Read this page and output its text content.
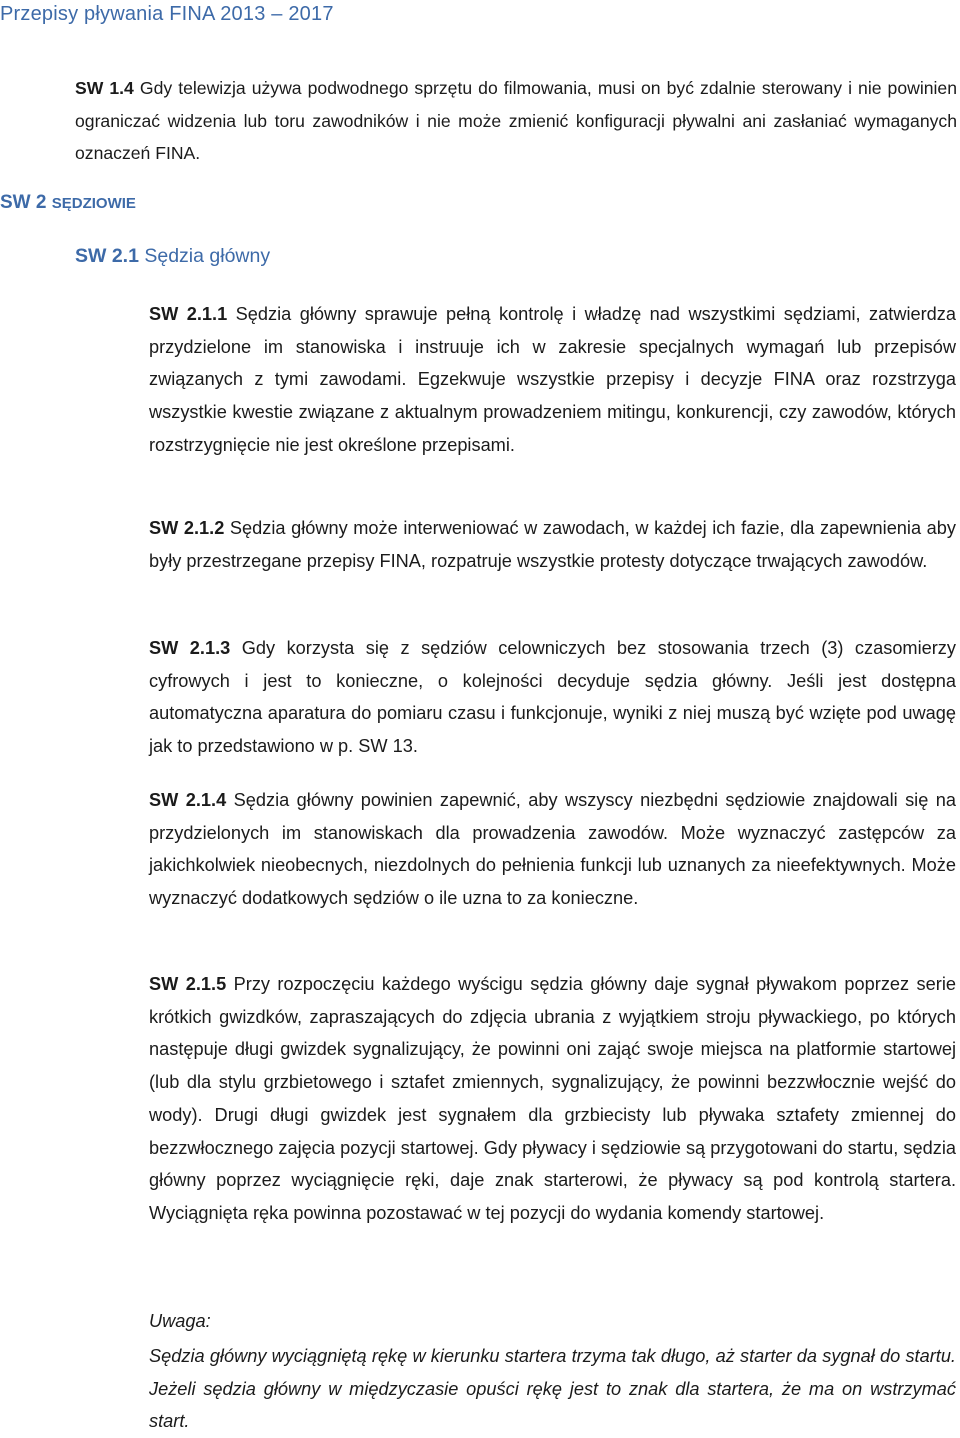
Przepisy pływania FINA 2013 – 2017
SW 1.4 Gdy telewizja używa podwodnego sprzętu do filmowania, musi on być zdalnie sterowany i nie powinien ograniczać widzenia lub toru zawodników i nie może zmienić konfiguracji pływalni ani zasłaniać wymaganych oznaczeń FINA.
SW 2 SĘDZIOWIE
SW 2.1 Sędzia główny
SW 2.1.1 Sędzia główny sprawuje pełną kontrolę i władzę nad wszystkimi sędziami, zatwierdza przydzielone im stanowiska i instruuje ich w zakresie specjalnych wymagań lub przepisów związanych z tymi zawodami. Egzekwuje wszystkie przepisy i decyzje FINA oraz rozstrzyga wszystkie kwestie związane z aktualnym prowadzeniem mitingu, konkurencji, czy zawodów, których rozstrzygnięcie nie jest określone przepisami.
SW 2.1.2 Sędzia główny może interweniować w zawodach, w każdej ich fazie, dla zapewnienia aby były przestrzegane przepisy FINA, rozpatruje wszystkie protesty dotyczące trwających zawodów.
SW 2.1.3 Gdy korzysta się z sędziów celowniczych bez stosowania trzech (3) czasomierzy cyfrowych i jest to konieczne, o kolejności decyduje sędzia główny. Jeśli jest dostępna automatyczna aparatura do pomiaru czasu i funkcjonuje, wyniki z niej muszą być wzięte pod uwagę jak to przedstawiono w p. SW 13.
SW 2.1.4 Sędzia główny powinien zapewnić, aby wszyscy niezbędni sędziowie znajdowali się na przydzielonych im stanowiskach dla prowadzenia zawodów. Może wyznaczyć zastępców za jakichkolwiek nieobecnych, niezdolnych do pełnienia funkcji lub uznanych za nieefektywnych. Może wyznaczyć dodatkowych sędziów o ile uzna to za konieczne.
SW 2.1.5 Przy rozpoczęciu każdego wyścigu sędzia główny daje sygnał pływakom poprzez serie krótkich gwizdków, zapraszających do zdjęcia ubrania z wyjątkiem stroju pływackiego, po których następuje długi gwizdek sygnalizujący, że powinni oni zająć swoje miejsca na platformie startowej (lub dla stylu grzbietowego i sztafet zmiennych, sygnalizujący, że powinni bezzwłocznie wejść do wody). Drugi długi gwizdek jest sygnałem dla grzbiecisty lub pływaka sztafety zmiennej do bezzwłocznego zajęcia pozycji startowej. Gdy pływacy i sędziowie są przygotowani do startu, sędzia główny poprzez wyciągnięcie ręki, daje znak starterowi, że pływacy są pod kontrolą startera. Wyciągnięta ręka powinna pozostawać w tej pozycji do wydania komendy startowej.
Uwaga:
Sędzia główny wyciągniętą rękę w kierunku startera trzyma tak długo, aż starter da sygnał do startu. Jeżeli sędzia główny w międzyczasie opuści rękę jest to znak dla startera, że ma on wstrzymać start.
